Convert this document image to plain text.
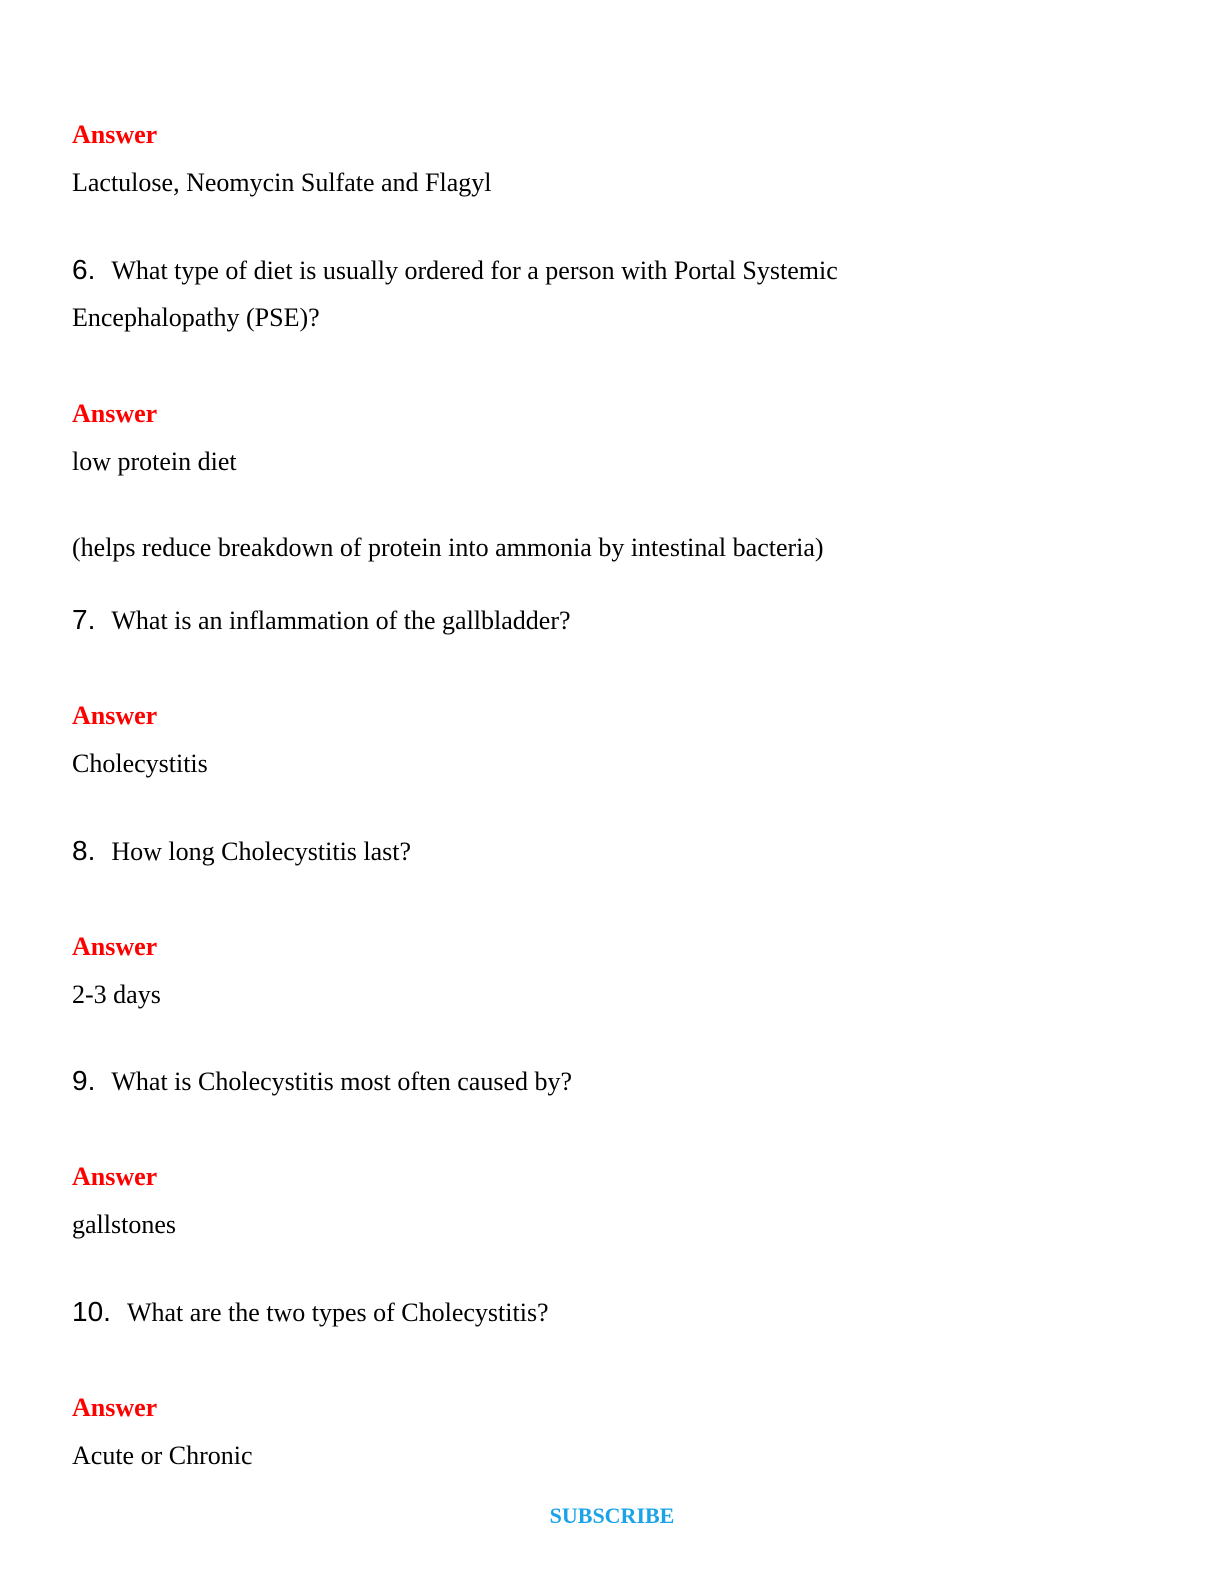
Answer
Lactulose, Neomycin Sulfate and Flagyl
6. What type of diet is usually ordered for a person with Portal Systemic
Encephalopathy (PSE)?
Answer
low protein diet
(helps reduce breakdown of protein into ammonia by intestinal bacteria)
7. What is an inflammation of the gallbladder?
Answer
Cholecystitis
8. How long Cholecystitis last?
Answer
2-3 days
9. What is Cholecystitis most often caused by?
Answer
gallstones
10. What are the two types of Cholecystitis?
Answer
Acute or Chronic
SUBSCRIBE
